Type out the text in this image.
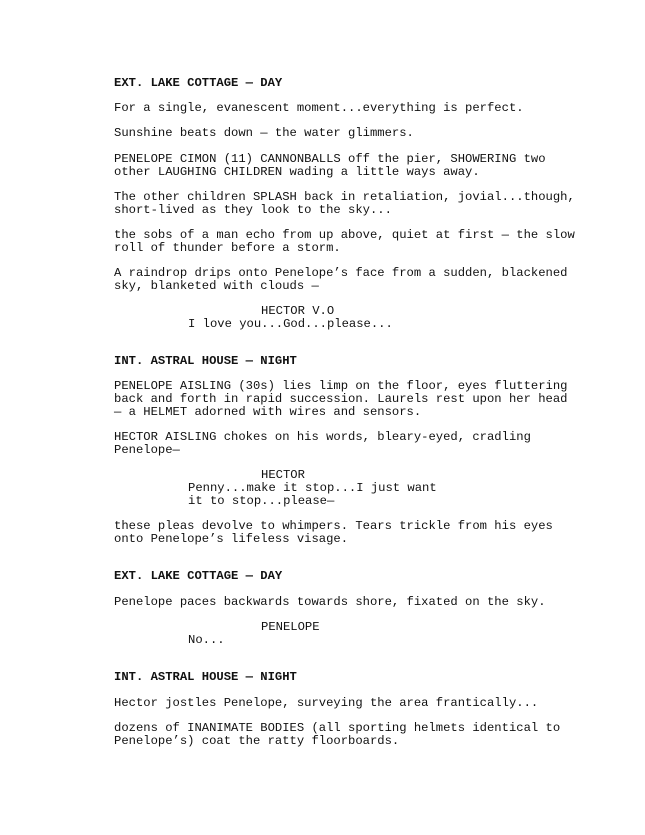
EXT. LAKE COTTAGE — DAY
For a single, evanescent moment...everything is perfect.
Sunshine beats down — the water glimmers.
PENELOPE CIMON (11) CANNONBALLS off the pier, SHOWERING two
other LAUGHING CHILDREN wading a little ways away.
The other children SPLASH back in retaliation, jovial...though,
short-lived as they look to the sky...
the sobs of a man echo from up above, quiet at first — the slow
roll of thunder before a storm.
A raindrop drips onto Penelope’s face from a sudden, blackened
sky, blanketed with clouds —
HECTOR V.O
I love you...God...please...
INT. ASTRAL HOUSE — NIGHT
PENELOPE AISLING (30s) lies limp on the floor, eyes fluttering
back and forth in rapid succession. Laurels rest upon her head
— a HELMET adorned with wires and sensors.
HECTOR AISLING chokes on his words, bleary-eyed, cradling
Penelope—
HECTOR
Penny...make it stop...I just want
it to stop...please—
these pleas devolve to whimpers. Tears trickle from his eyes
onto Penelope’s lifeless visage.
EXT. LAKE COTTAGE — DAY
Penelope paces backwards towards shore, fixated on the sky.
PENELOPE
No...
INT. ASTRAL HOUSE — NIGHT
Hector jostles Penelope, surveying the area frantically...
dozens of INANIMATE BODIES (all sporting helmets identical to
Penelope’s) coat the ratty floorboards.
